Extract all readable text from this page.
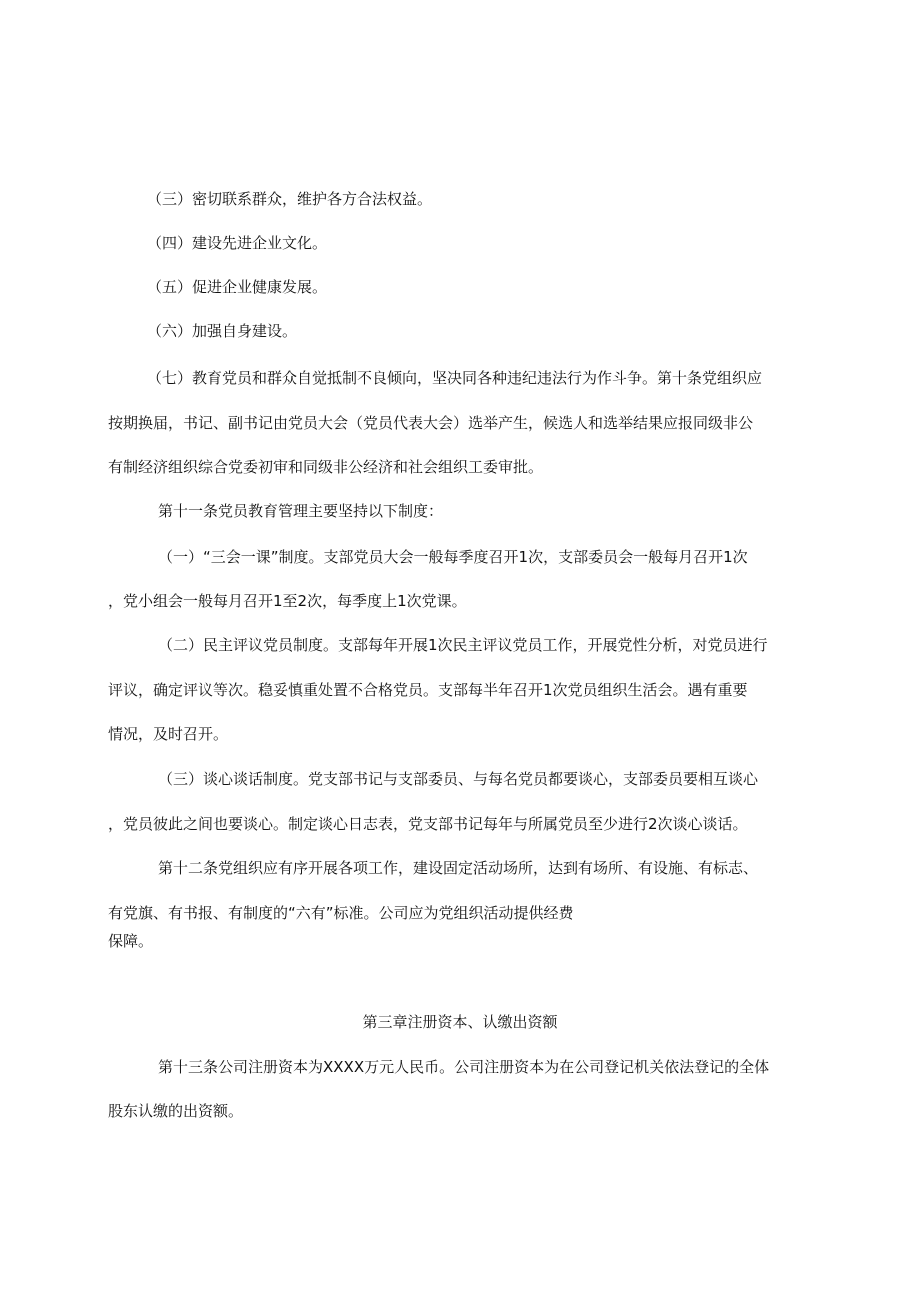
（三）密切联系群众，维护各方合法权益。
（四）建设先进企业文化。
（五）促进企业健康发展。
（六）加强自身建设。
（七）教育党员和群众自觉抵制不良倾向，坚决同各种违纪违法行为作斗争。第十条党组织应
按期换届，书记、副书记由党员大会（党员代表大会）选举产生，候选人和选举结果应报同级非公
有制经济组织综合党委初审和同级非公经济和社会组织工委审批。
第十一条党员教育管理主要坚持以下制度：
（一）“三会一课”制度。支部党员大会一般每季度召开1次，支部委员会一般每月召开1次
，党小组会一般每月召开1至2次，每季度上1次党课。
（二）民主评议党员制度。支部每年开展1次民主评议党员工作，开展党性分析，对党员进行
评议，确定评议等次。稳妥慎重处置不合格党员。支部每半年召开1次党员组织生活会。遇有重要
情况，及时召开。
（三）谈心谈话制度。党支部书记与支部委员、与每名党员都要谈心，支部委员要相互谈心
，党员彼此之间也要谈心。制定谈心日志表，党支部书记每年与所属党员至少进行2次谈心谈话。
第十二条党组织应有序开展各项工作，建设固定活动场所，达到有场所、有设施、有标志、
有党旗、有书报、有制度的“六有”标准。公司应为党组织活动提供经费
保障。
第三章注册资本、认缴出资额
第十三条公司注册资本为XXXX万元人民币。公司注册资本为在公司登记机关依法登记的全体
股东认缴的出资额。
